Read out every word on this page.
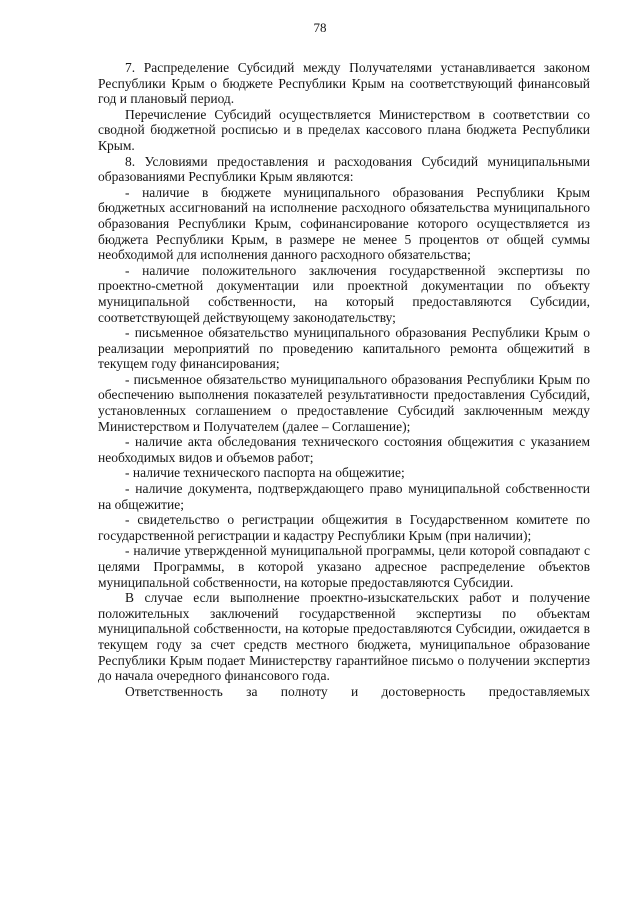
78

7. Распределение Субсидий между Получателями устанавливается законом Республики Крым о бюджете Республики Крым на соответствующий финансовый год и плановый период.

Перечисление Субсидий осуществляется Министерством в соответствии со сводной бюджетной росписью и в пределах кассового плана бюджета Республики Крым.

8. Условиями предоставления и расходования Субсидий муниципальными образованиями Республики Крым являются:

- наличие в бюджете муниципального образования Республики Крым бюджетных ассигнований на исполнение расходного обязательства муниципального образования Республики Крым, софинансирование которого осуществляется из бюджета Республики Крым, в размере не менее 5 процентов от общей суммы необходимой для исполнения данного расходного обязательства;

- наличие положительного заключения государственной экспертизы по проектно-сметной документации или проектной документации по объекту муниципальной собственности, на который предоставляются Субсидии, соответствующей действующему законодательству;

- письменное обязательство муниципального образования Республики Крым о реализации мероприятий по проведению капитального ремонта общежитий в текущем году финансирования;

- письменное обязательство муниципального образования Республики Крым по обеспечению выполнения показателей результативности предоставления Субсидий, установленных соглашением о предоставление Субсидий заключенным между Министерством и Получателем (далее – Соглашение);

- наличие акта обследования технического состояния общежития с указанием необходимых видов и объемов работ;

- наличие технического паспорта на общежитие;

- наличие документа, подтверждающего право муниципальной собственности на общежитие;

- свидетельство о регистрации общежития в Государственном комитете по государственной регистрации и кадастру Республики Крым (при наличии);

- наличие утвержденной муниципальной программы, цели которой совпадают с целями Программы, в которой указано адресное распределение объектов муниципальной собственности, на которые предоставляются Субсидии.

В случае если выполнение проектно-изыскательских работ и получение положительных заключений государственной экспертизы по объектам муниципальной собственности, на которые предоставляются Субсидии, ожидается в текущем году за счет средств местного бюджета, муниципальное образование Республики Крым подает Министерству гарантийное письмо о получении экспертиз до начала очередного финансового года.

Ответственность за полноту и достоверность предоставляемых
